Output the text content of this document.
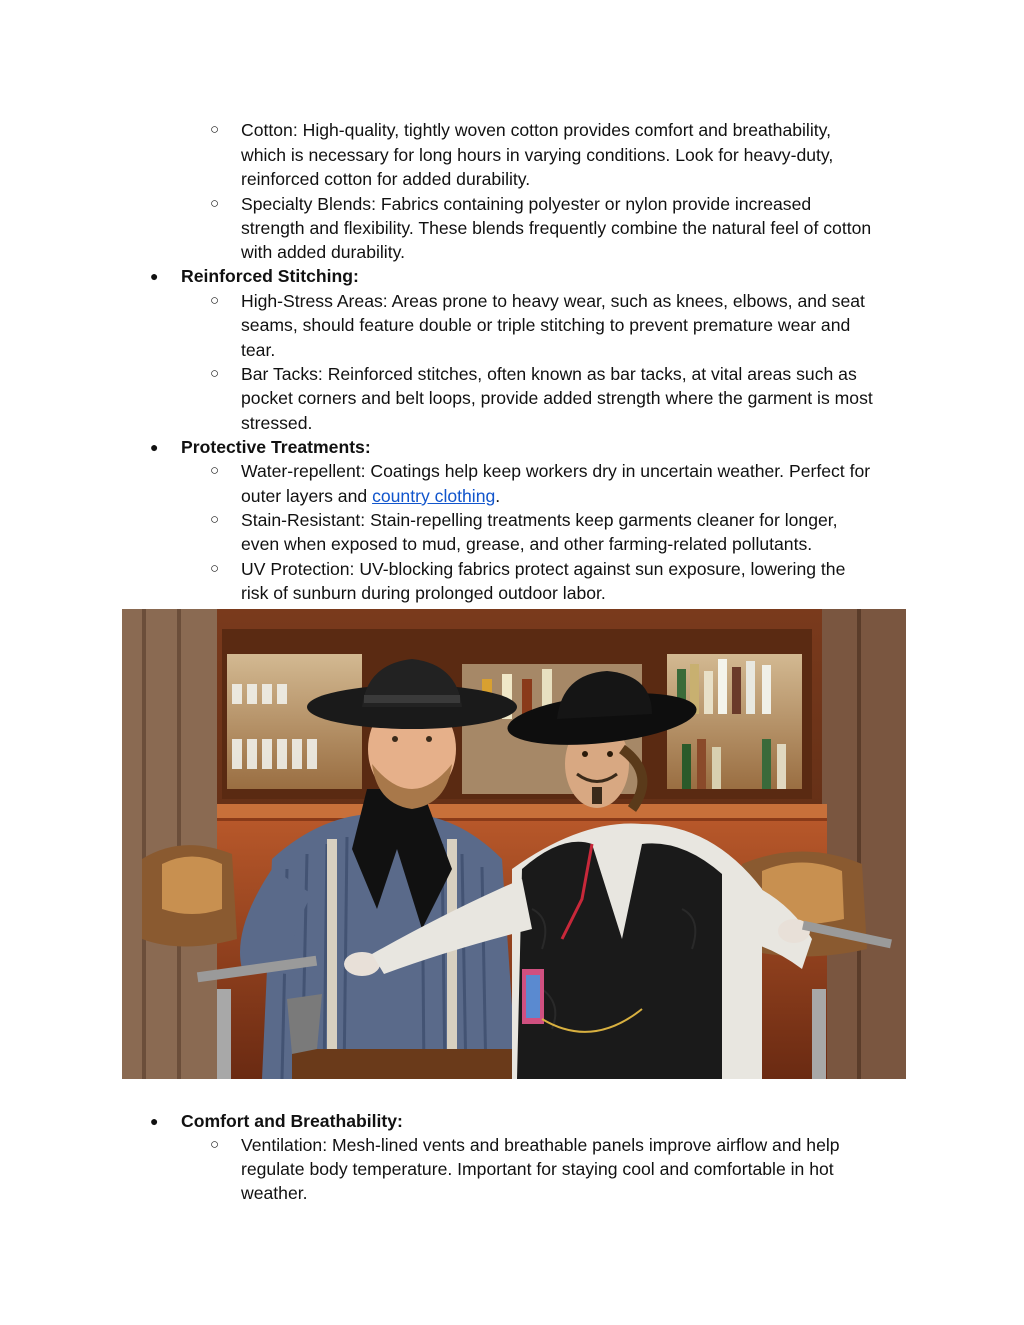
○ Cotton: High-quality, tightly woven cotton provides comfort and breathability,
which is necessary for long hours in varying conditions. Look for heavy-duty,
reinforced cotton for added durability.
○ Specialty Blends: Fabrics containing polyester or nylon provide increased
strength and flexibility. These blends frequently combine the natural feel of cotton
with added durability.
● Reinforced Stitching:
○ High-Stress Areas: Areas prone to heavy wear, such as knees, elbows, and seat
seams, should feature double or triple stitching to prevent premature wear and
tear.
○ Bar Tacks: Reinforced stitches, often known as bar tacks, at vital areas such as
pocket corners and belt loops, provide added strength where the garment is most
stressed.
● Protective Treatments:
○ Water-repellent: Coatings help keep workers dry in uncertain weather. Perfect for
outer layers and country clothing.
○ Stain-Resistant: Stain-repelling treatments keep garments cleaner for longer,
even when exposed to mud, grease, and other farming-related pollutants.
○ UV Protection: UV-blocking fabrics protect against sun exposure, lowering the
risk of sunburn during prolonged outdoor labor.
● Comfort and Breathability:
○ Ventilation: Mesh-lined vents and breathable panels improve airflow and help
regulate body temperature. Important for staying cool and comfortable in hot
weather.
